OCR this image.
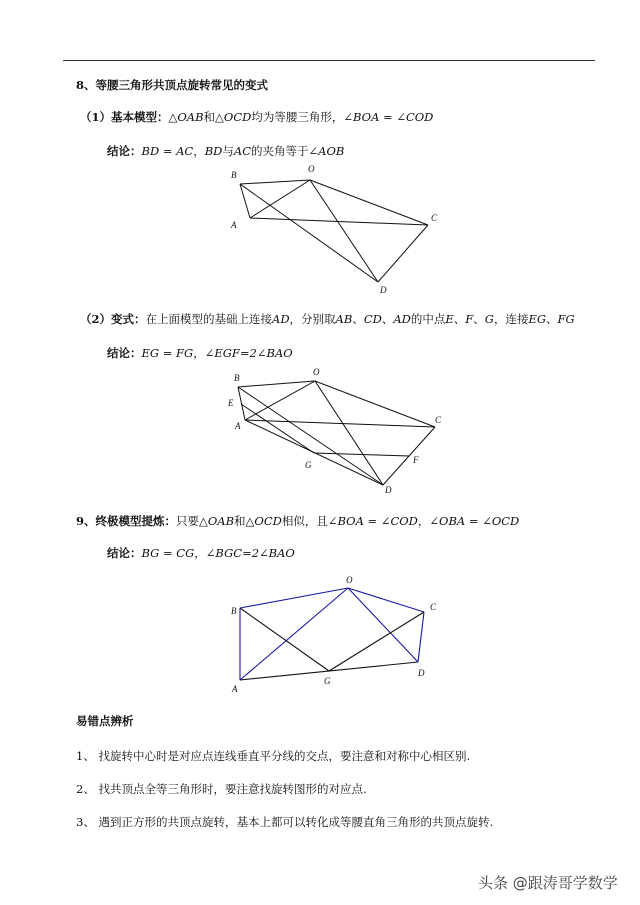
8、等腰三角形共顶点旋转常见的变式
（1）基本模型：△OAB和△OCD均为等腰三角形，∠BOA = ∠COD
结论：BD = AC，BD与AC的夹角等于∠AOB
B
O
A
C
D
（2）变式：在上面模型的基础上连接AD，分别取AB、CD、AD的中点E、F、G，连接EG、FG
结论：EG = FG，∠EGF=2∠BAO
B
O
E
A
C
F
G
D
9、终极模型提炼：只要△OAB和△OCD相似，且∠BOA = ∠COD，∠OBA = ∠OCD
结论：BG = CG，∠BGC=2∠BAO
O
B	C
D
G
A
易错点辨析
1、 找旋转中心时是对应点连线垂直平分线的交点，要注意和对称中心相区别.
2、 找共顶点全等三角形时，要注意找旋转图形的对应点.
3、 遇到正方形的共顶点旋转，基本上都可以转化成等腰直角三角形的共顶点旋转.
头条 @跟涛哥学数学
